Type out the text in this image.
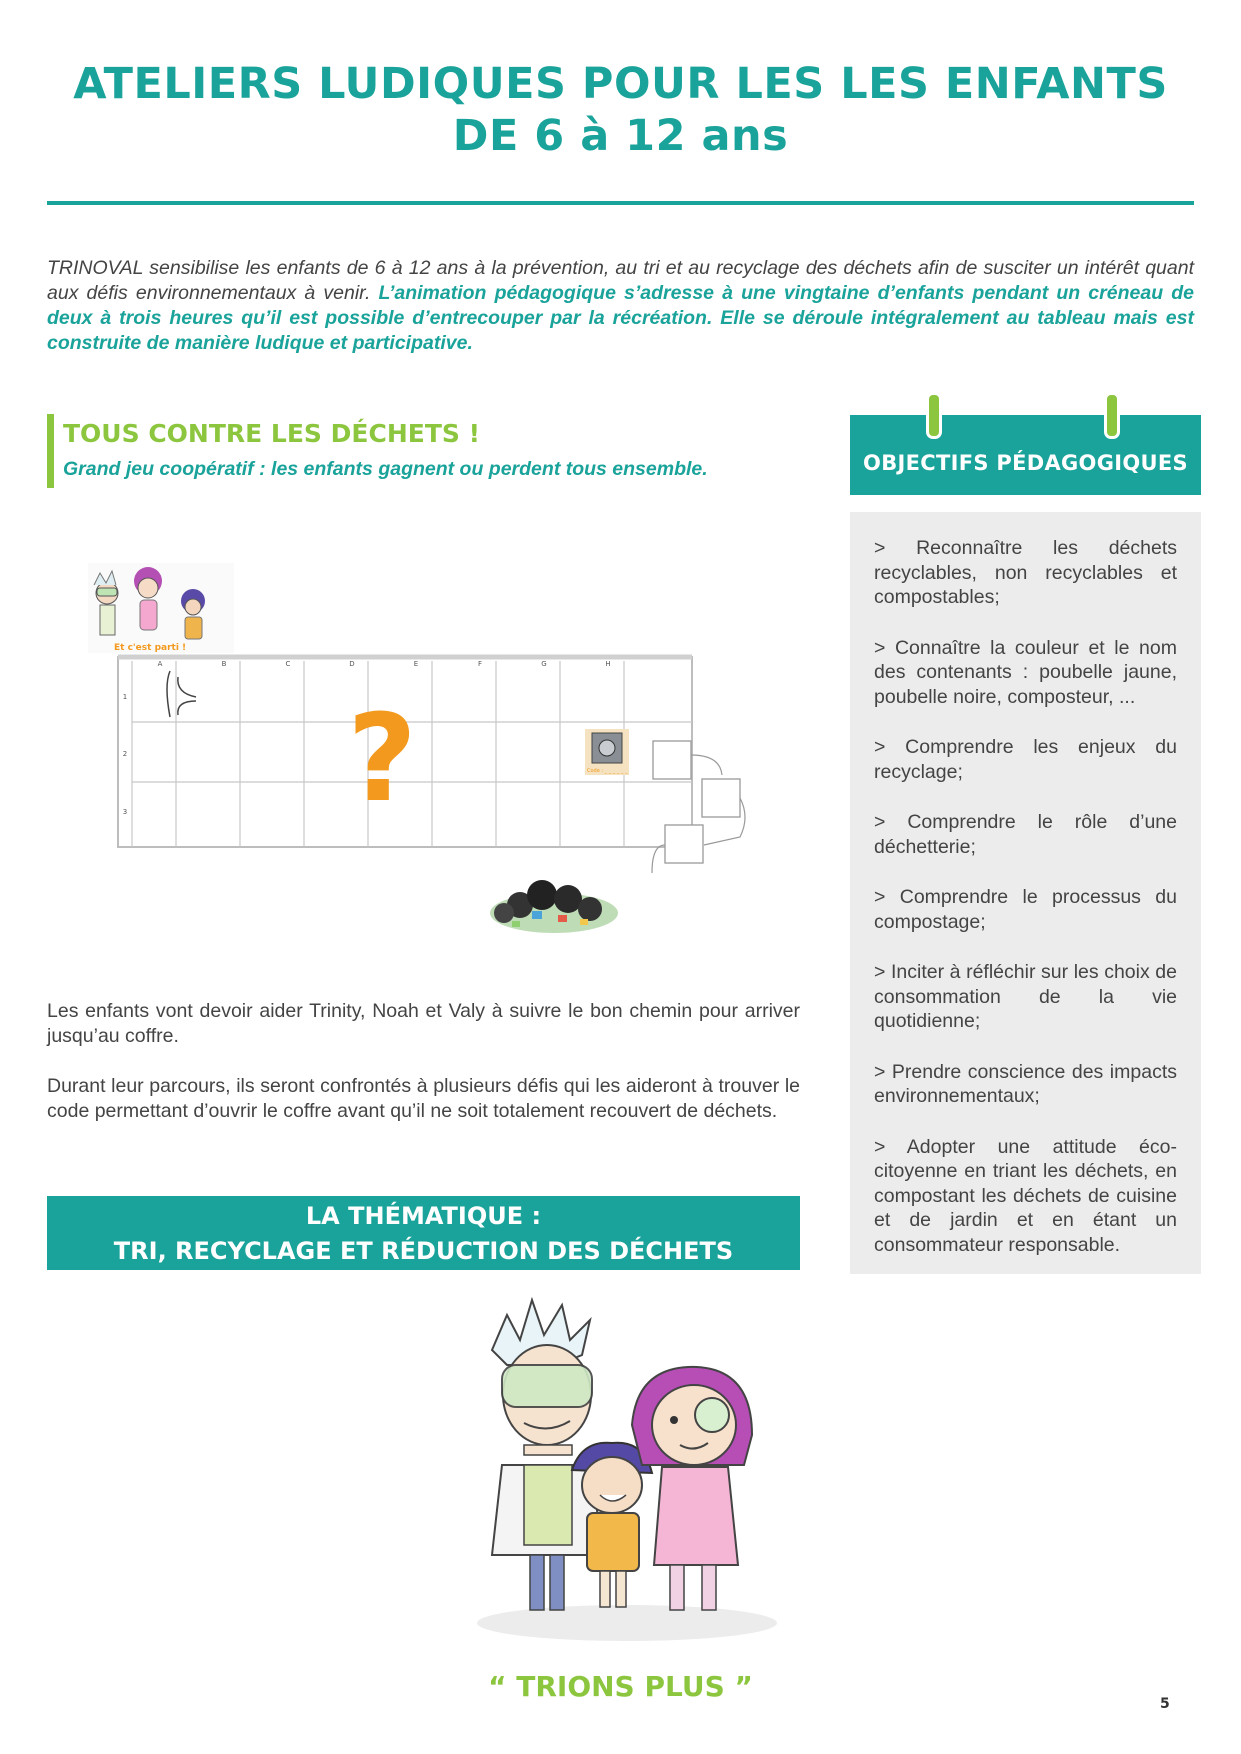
ATELIERS LUDIQUES POUR LES LES ENFANTS
DE 6 à 12 ans

TRINOVAL sensibilise les enfants de 6 à 12 ans à la prévention, au tri et au recyclage des déchets afin de susciter un intérêt quant aux défis environnementaux à venir. L’animation pédagogique s’adresse à une vingtaine d’enfants pendant un créneau de deux à trois heures qu’il est possible d’entrecouper par la récréation. Elle se déroule intégralement au tableau mais est construite de manière ludique et participative.

TOUS CONTRE LES DÉCHETS !
Grand jeu coopératif : les enfants gagnent ou perdent tous ensemble.
Et c'est parti !
A	B	C	D	E	F	G	H
1
2
3 ?	Code : _ _ _ _ _ _

Les enfants vont devoir aider Trinity, Noah et Valy à suivre le bon chemin pour arriver jusqu’au coffre.

Durant leur parcours, ils seront confrontés à plusieurs défis qui les aideront à trouver le code permettant d’ouvrir le coffre avant qu’il ne soit totalement recouvert de déchets.

LA THÉMATIQUE :
TRI, RECYCLAGE ET RÉDUCTION DES DÉCHETS
OBJECTIFS PÉDAGOGIQUES

> Reconnaître les déchets recyclables, non recyclables et compostables;

> Connaître la couleur et le nom des contenants : poubelle jaune, poubelle noire, composteur, ...

> Comprendre les enjeux du recyclage;

> Comprendre le rôle d’une déchetterie;

> Comprendre le processus du compostage;

> Inciter à réfléchir sur les choix de consommation de la vie quotidienne;

> Prendre conscience des impacts environnementaux;

> Adopter une attitude éco-citoyenne en triant les déchets, en compostant les déchets de cuisine et de jardin et en étant un consommateur responsable.

“ TRIONS PLUS ”
5
